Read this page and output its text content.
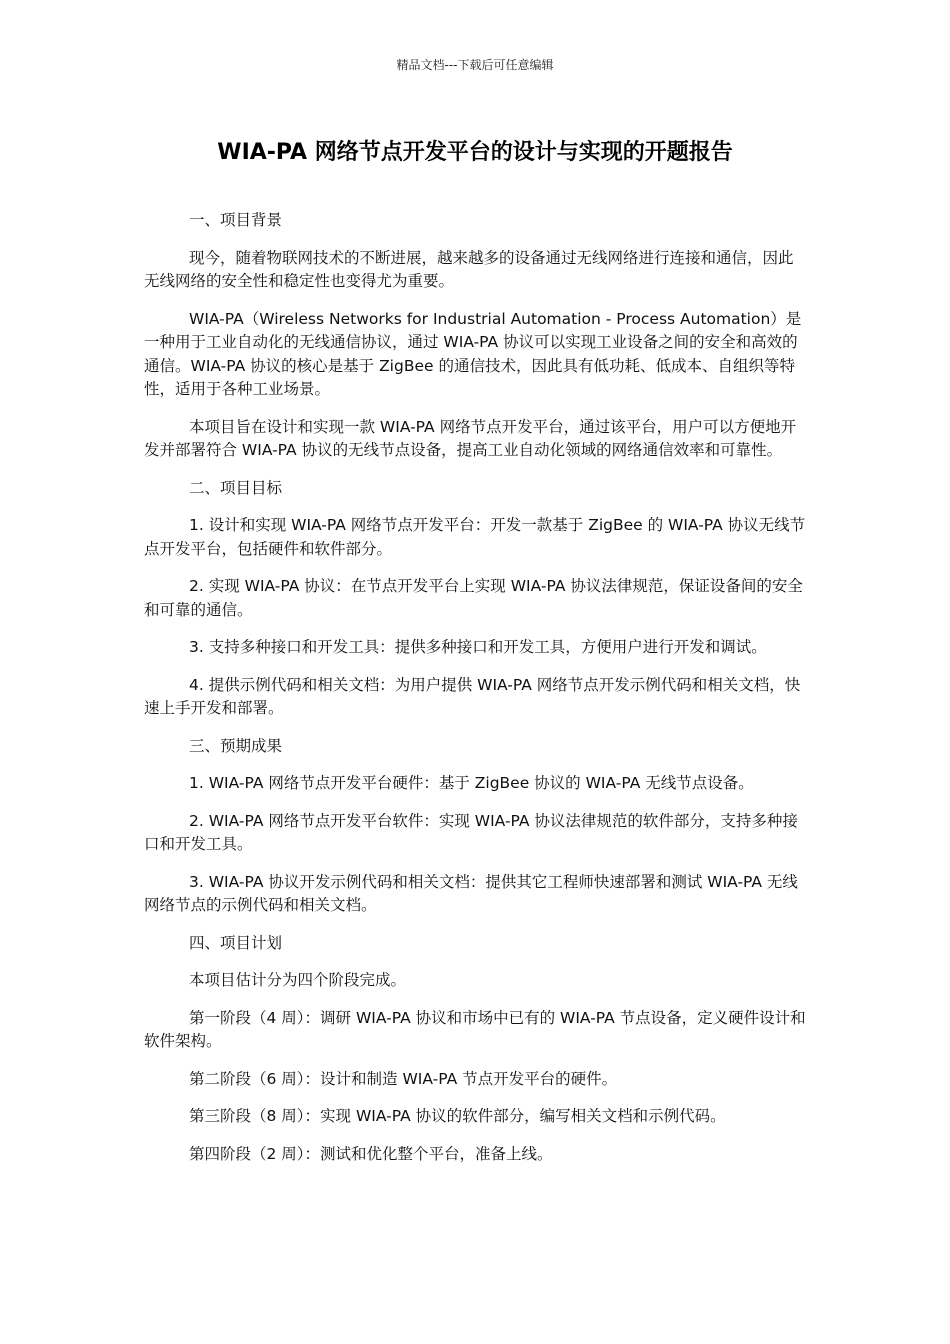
精品文档---下载后可任意编辑
WIA-PA 网络节点开发平台的设计与实现的开题报告

一、项目背景

现今，随着物联网技术的不断进展，越来越多的设备通过无线网络进行连接和通信，因此无线网络的安全性和稳定性也变得尤为重要。

WIA-PA（Wireless Networks for Industrial Automation - Process Automation）是一种用于工业自动化的无线通信协议，通过 WIA-PA 协议可以实现工业设备之间的安全和高效的通信。WIA-PA 协议的核心是基于 ZigBee 的通信技术，因此具有低功耗、低成本、自组织等特性，适用于各种工业场景。

本项目旨在设计和实现一款 WIA-PA 网络节点开发平台，通过该平台，用户可以方便地开发并部署符合 WIA-PA 协议的无线节点设备，提高工业自动化领域的网络通信效率和可靠性。

二、项目目标

1. 设计和实现 WIA-PA 网络节点开发平台：开发一款基于 ZigBee 的 WIA-PA 协议无线节点开发平台，包括硬件和软件部分。

2. 实现 WIA-PA 协议：在节点开发平台上实现 WIA-PA 协议法律规范，保证设备间的安全和可靠的通信。

3. 支持多种接口和开发工具：提供多种接口和开发工具，方便用户进行开发和调试。

4. 提供示例代码和相关文档：为用户提供 WIA-PA 网络节点开发示例代码和相关文档，快速上手开发和部署。

三、预期成果

1. WIA-PA 网络节点开发平台硬件：基于 ZigBee 协议的 WIA-PA 无线节点设备。

2. WIA-PA 网络节点开发平台软件：实现 WIA-PA 协议法律规范的软件部分，支持多种接口和开发工具。

3. WIA-PA 协议开发示例代码和相关文档：提供其它工程师快速部署和测试 WIA-PA 无线网络节点的示例代码和相关文档。

四、项目计划

本项目估计分为四个阶段完成。

第一阶段（4 周）：调研 WIA-PA 协议和市场中已有的 WIA-PA 节点设备，定义硬件设计和软件架构。

第二阶段（6 周）：设计和制造 WIA-PA 节点开发平台的硬件。

第三阶段（8 周）：实现 WIA-PA 协议的软件部分，编写相关文档和示例代码。

第四阶段（2 周）：测试和优化整个平台，准备上线。
